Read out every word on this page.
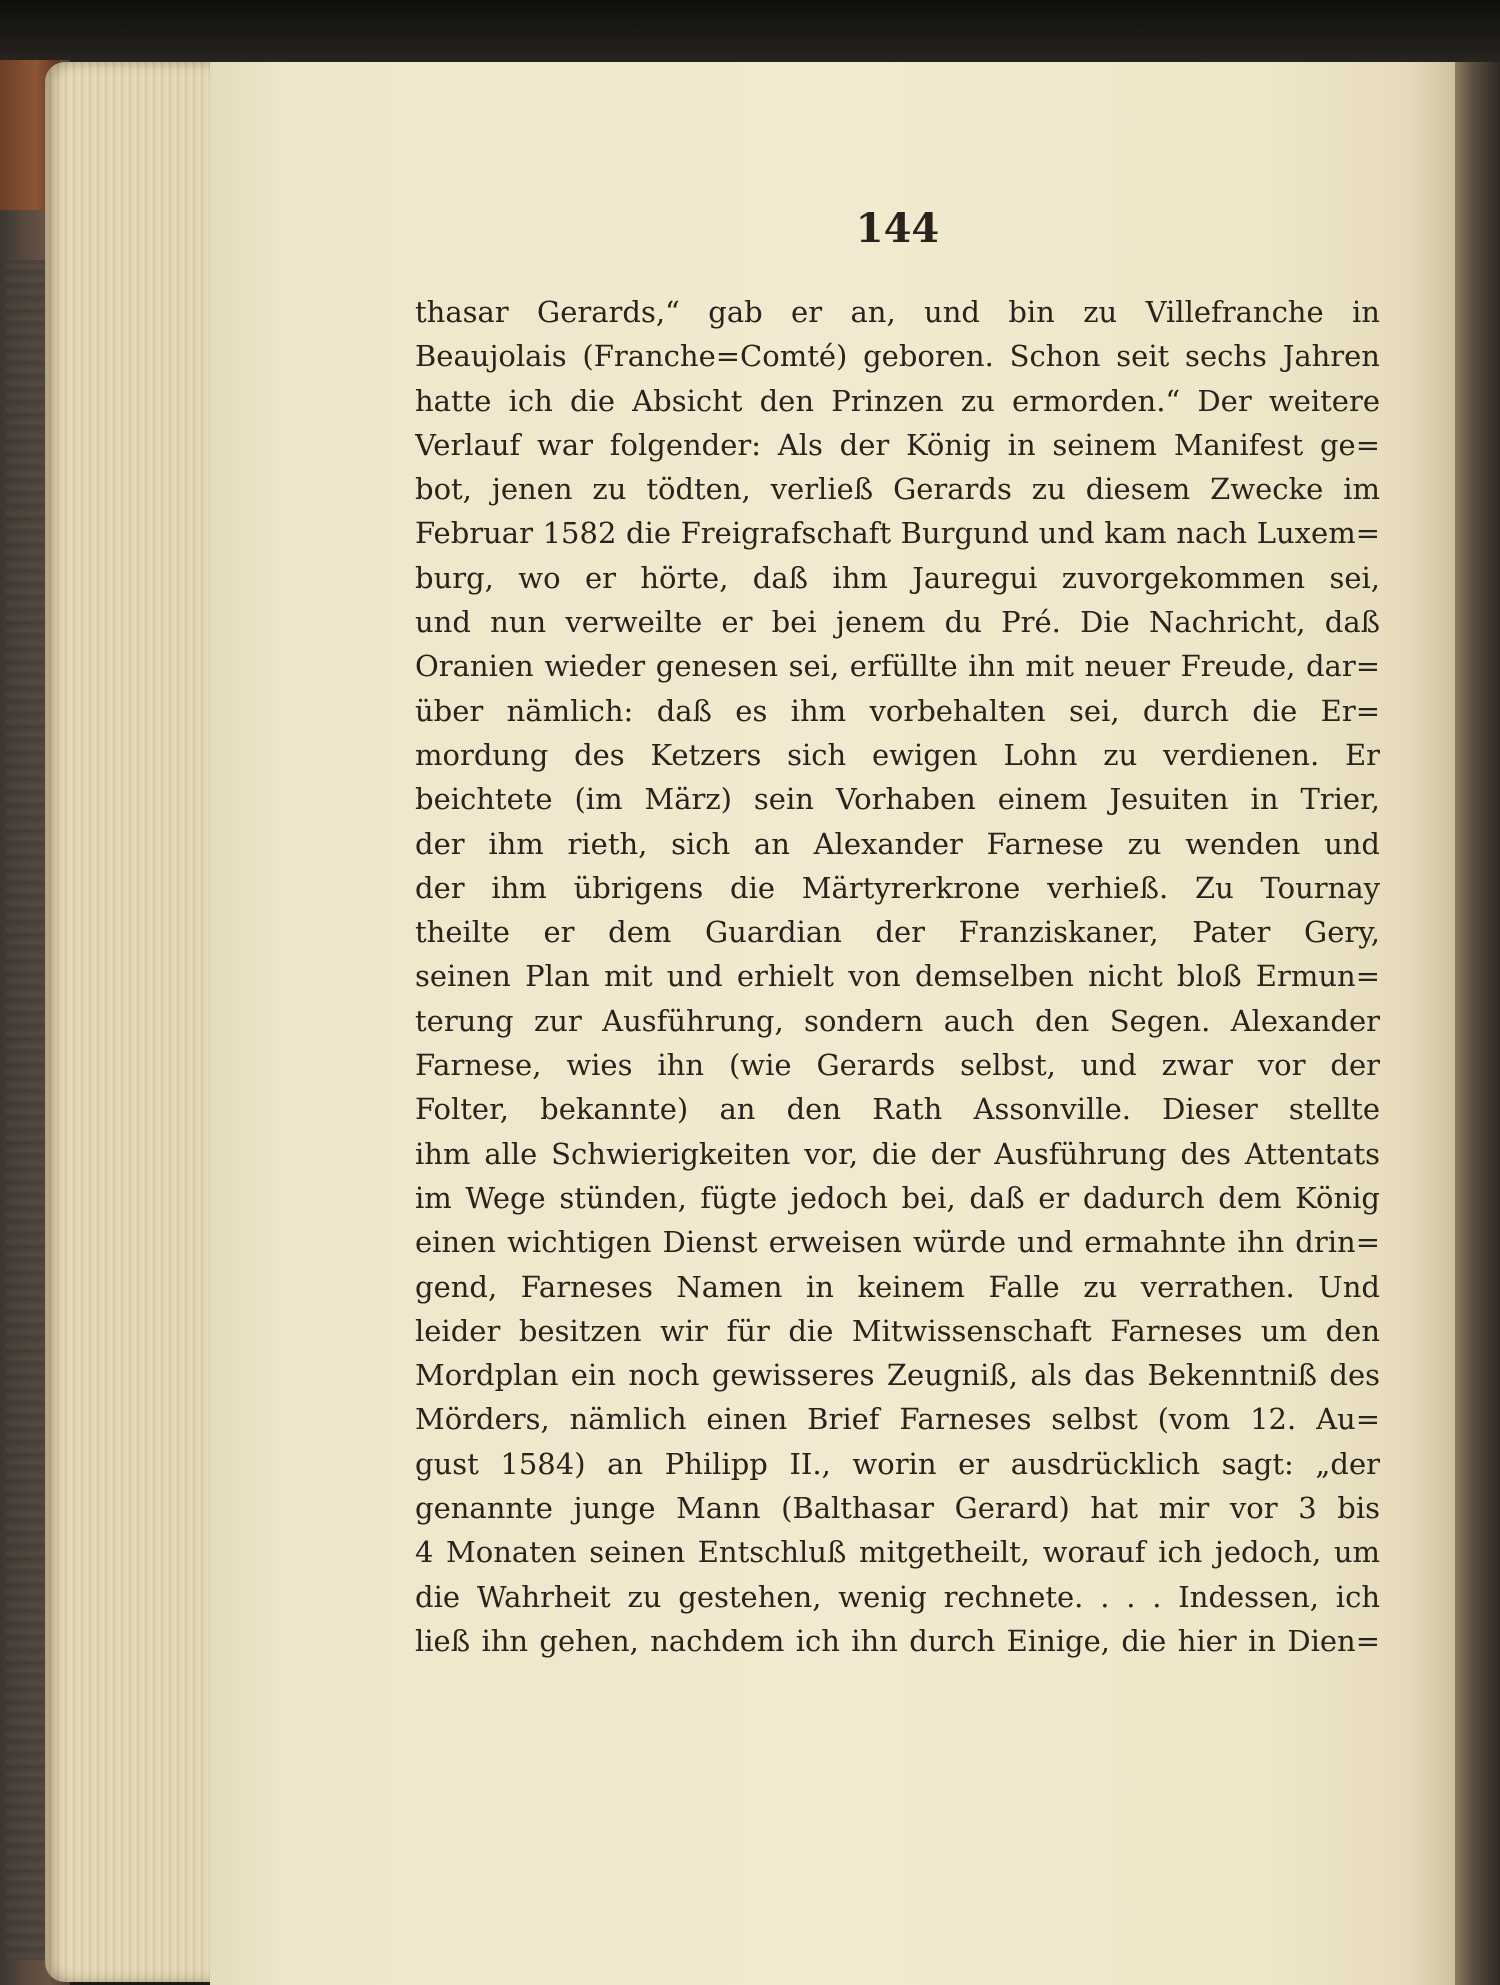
144
thasar Gerards,“ gab er an, und bin zu Villefranche in
Beaujolais (Franche=Comté) geboren. Schon seit sechs Jahren
hatte ich die Absicht den Prinzen zu ermorden.“ Der weitere
Verlauf war folgender: Als der König in seinem Manifest ge=
bot, jenen zu tödten, verließ Gerards zu diesem Zwecke im
Februar 1582 die Freigrafschaft Burgund und kam nach Luxem=
burg, wo er hörte, daß ihm Jauregui zuvorgekommen sei,
und nun verweilte er bei jenem du Pré. Die Nachricht, daß
Oranien wieder genesen sei, erfüllte ihn mit neuer Freude, dar=
über nämlich: daß es ihm vorbehalten sei, durch die Er=
mordung des Ketzers sich ewigen Lohn zu verdienen. Er
beichtete (im März) sein Vorhaben einem Jesuiten in Trier,
der ihm rieth, sich an Alexander Farnese zu wenden und
der ihm übrigens die Märtyrerkrone verhieß. Zu Tournay
theilte er dem Guardian der Franziskaner, Pater Gery,
seinen Plan mit und erhielt von demselben nicht bloß Ermun=
terung zur Ausführung, sondern auch den Segen. Alexander
Farnese, wies ihn (wie Gerards selbst, und zwar vor der
Folter, bekannte) an den Rath Assonville. Dieser stellte
ihm alle Schwierigkeiten vor, die der Ausführung des Attentats
im Wege stünden, fügte jedoch bei, daß er dadurch dem König
einen wichtigen Dienst erweisen würde und ermahnte ihn drin=
gend, Farneses Namen in keinem Falle zu verrathen. Und
leider besitzen wir für die Mitwissenschaft Farneses um den
Mordplan ein noch gewisseres Zeugniß, als das Bekenntniß des
Mörders, nämlich einen Brief Farneses selbst (vom 12. Au=
gust 1584) an Philipp II., worin er ausdrücklich sagt: „der
genannte junge Mann (Balthasar Gerard) hat mir vor 3 bis
4 Monaten seinen Entschluß mitgetheilt, worauf ich jedoch, um
die Wahrheit zu gestehen, wenig rechnete. . . . Indessen, ich
ließ ihn gehen, nachdem ich ihn durch Einige, die hier in Dien=
